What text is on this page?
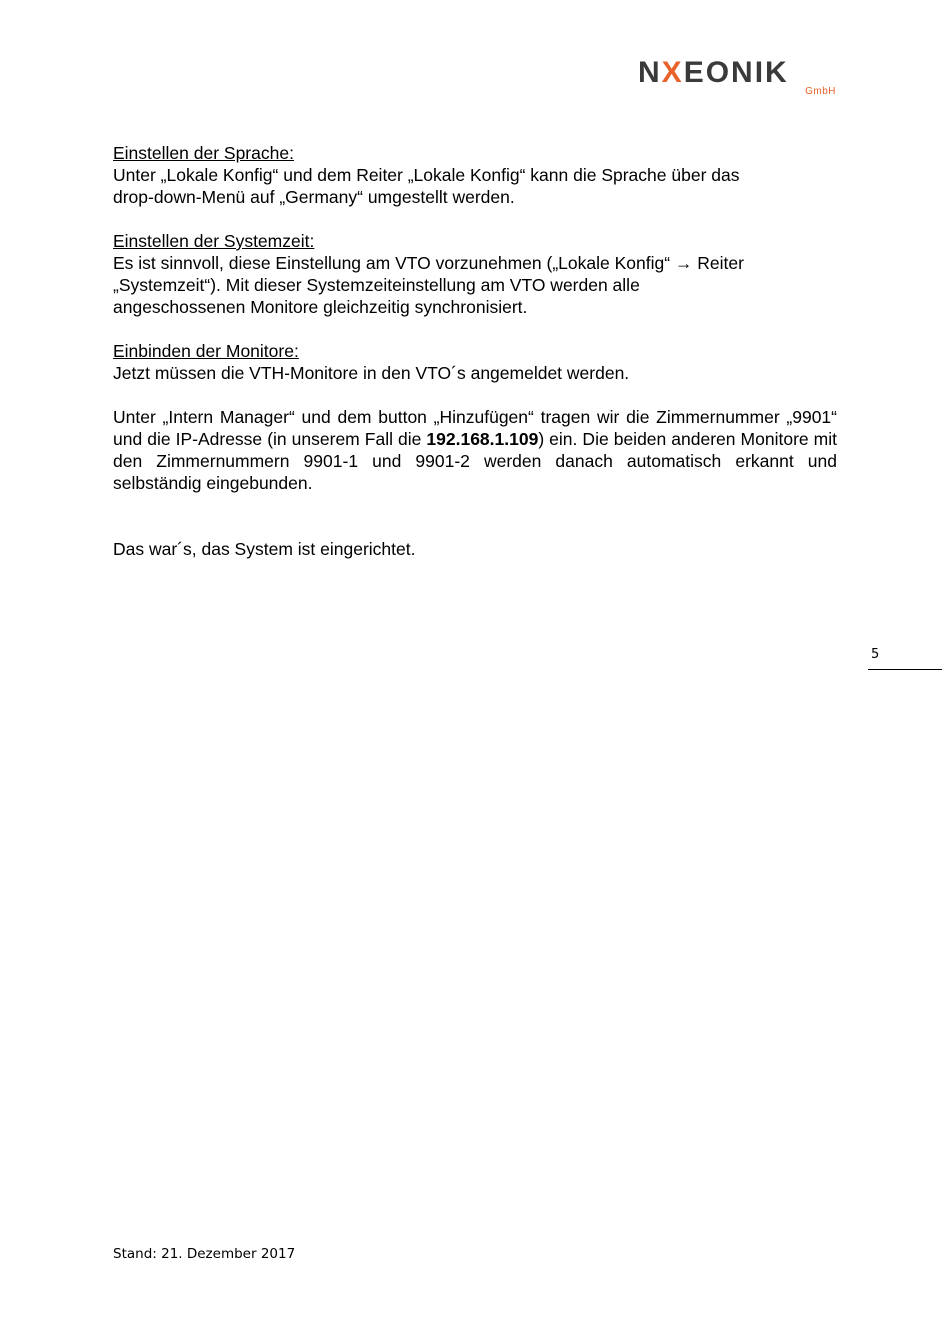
NXEONIK
GmbH
Einstellen der Sprache:

Unter „Lokale Konfig“ und dem Reiter „Lokale Konfig“ kann die Sprache über das

drop-down-Menü auf „Germany“ umgestellt werden.

Einstellen der Systemzeit:

Es ist sinnvoll, diese Einstellung am VTO vorzunehmen („Lokale Konfig“ → Reiter

„Systemzeit“). Mit dieser Systemzeiteinstellung am VTO werden alle

angeschossenen Monitore gleichzeitig synchronisiert.

Einbinden der Monitore:

Jetzt müssen die VTH-Monitore in den VTO´s angemeldet werden.

Unter „Intern Manager“ und dem button „Hinzufügen“ tragen wir die Zimmernummer „9901“ und die IP-Adresse (in unserem Fall die 192.168.1.109) ein. Die beiden anderen Monitore mit den Zimmernummern 9901-1 und 9901-2 werden danach automatisch erkannt und selbständig eingebunden.

Das war´s, das System ist eingerichtet.

5
Stand: 21. Dezember 2017
